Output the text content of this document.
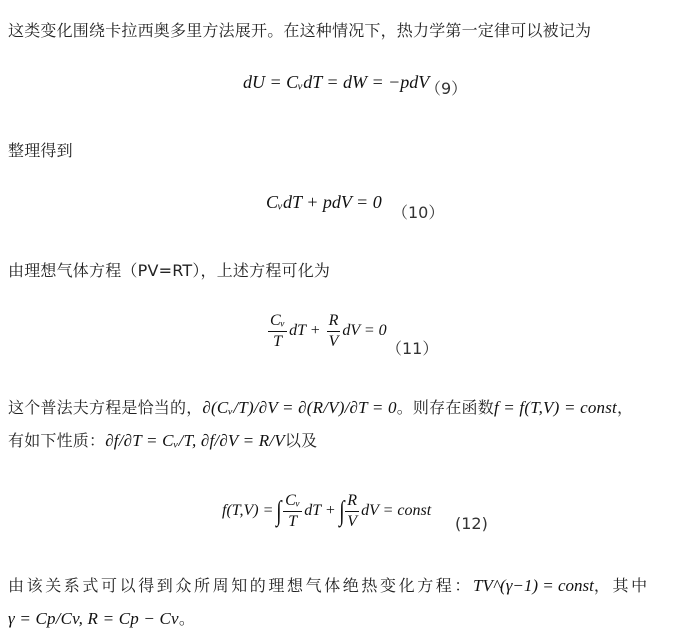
这类变化围绕卡拉西奥多里方法展开。在这种情况下，热力学第一定律可以被记为
dU = CᵥdT = dW = −pdV
（9）
整理得到
CᵥdT + pdV = 0
（10）
由理想气体方程（PV=RT），上述方程可化为
$\frac{\text{Cᵥ}}{T}$ dT + $\frac{R}{V}$ dV = 0
（11）
这个普法夫方程是恰当的，∂(Cᵥ/T)/∂V = ∂(R/V)/∂T = 0。则存在函数f = f(T,V) = const，
有如下性质：∂f/∂T = Cᵥ/T, ∂f/∂V = R/V以及
f(T,V) = ∫ $\frac{\text{Cᵥ}}{T}$ dT + ∫ $\frac{R}{V}$ dV = const
(12)
由该关系式可以得到众所周知的理想气体绝热变化方程：TV^(γ−1) = const，其中
γ = Cp/Cv, R = Cp − Cv。
